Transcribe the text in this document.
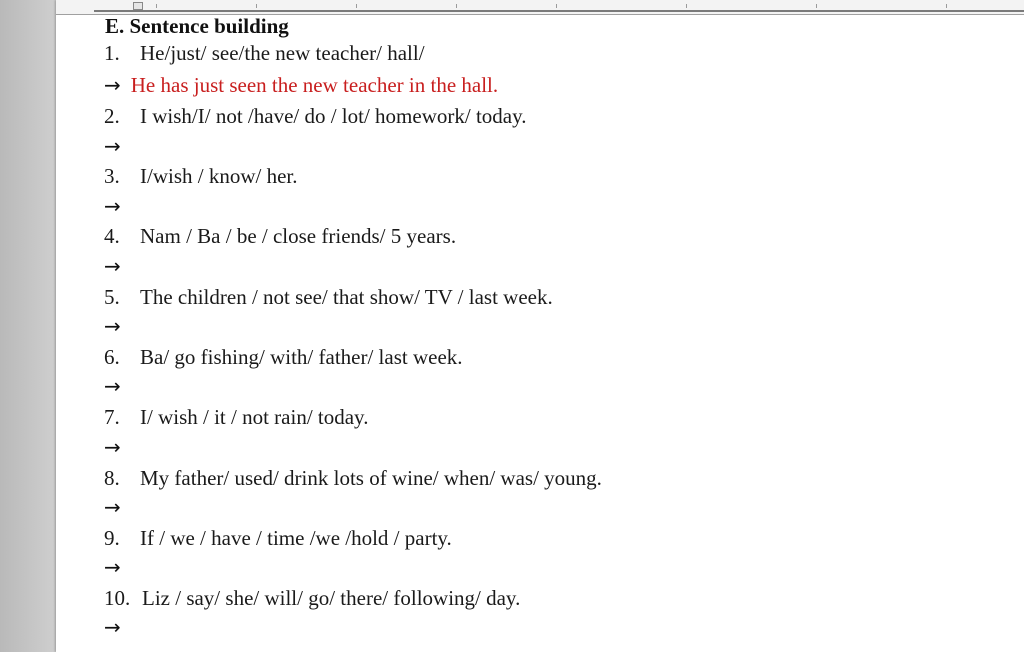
E. Sentence building
1. He/just/ see/the new teacher/ hall/
→ He has just seen the new teacher in the hall.
2. I wish/I/ not /have/ do / lot/ homework/ today.
→
3. I/wish / know/ her.
→
4. Nam / Ba / be / close friends/ 5 years.
→
5. The children / not see/ that show/ TV / last week.
→
6. Ba/ go fishing/ with/ father/ last week.
→
7. I/ wish / it / not rain/ today.
→
8. My father/ used/ drink lots of wine/ when/ was/ young.
→
9. If / we / have / time /we /hold / party.
→
10. Liz / say/ she/ will/ go/ there/ following/ day.
→
